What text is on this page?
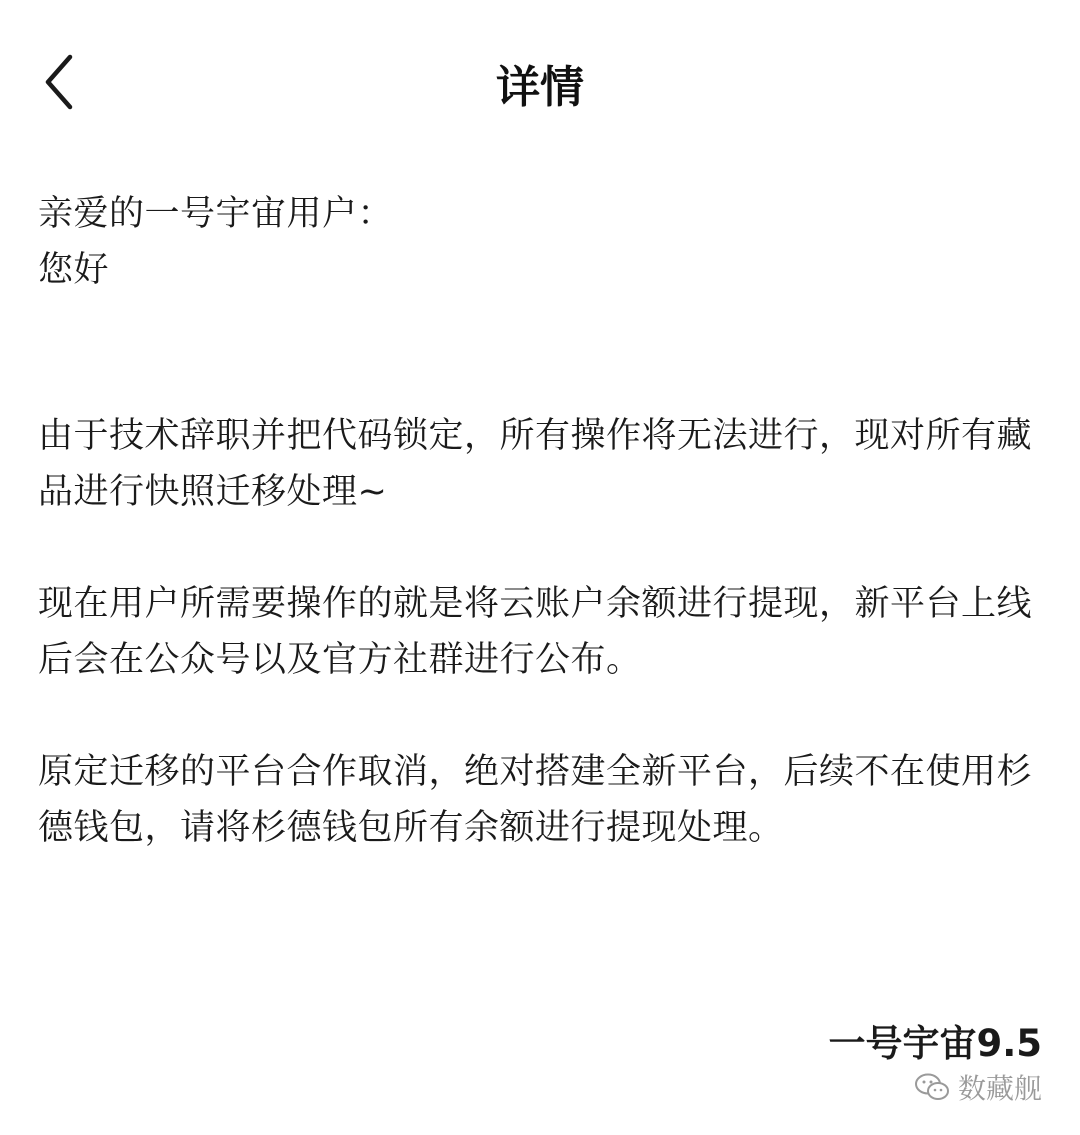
详情

亲爱的一号宇宙用户：

您好

由于技术辞职并把代码锁定，所有操作将无法进行，现对所有藏品进行快照迁移处理~

现在用户所需要操作的就是将云账户余额进行提现，新平台上线后会在公众号以及官方社群进行公布。

原定迁移的平台合作取消，绝对搭建全新平台，后续不在使用杉德钱包，请将杉德钱包所有余额进行提现处理。

一号宇宙9.5
数藏舰
